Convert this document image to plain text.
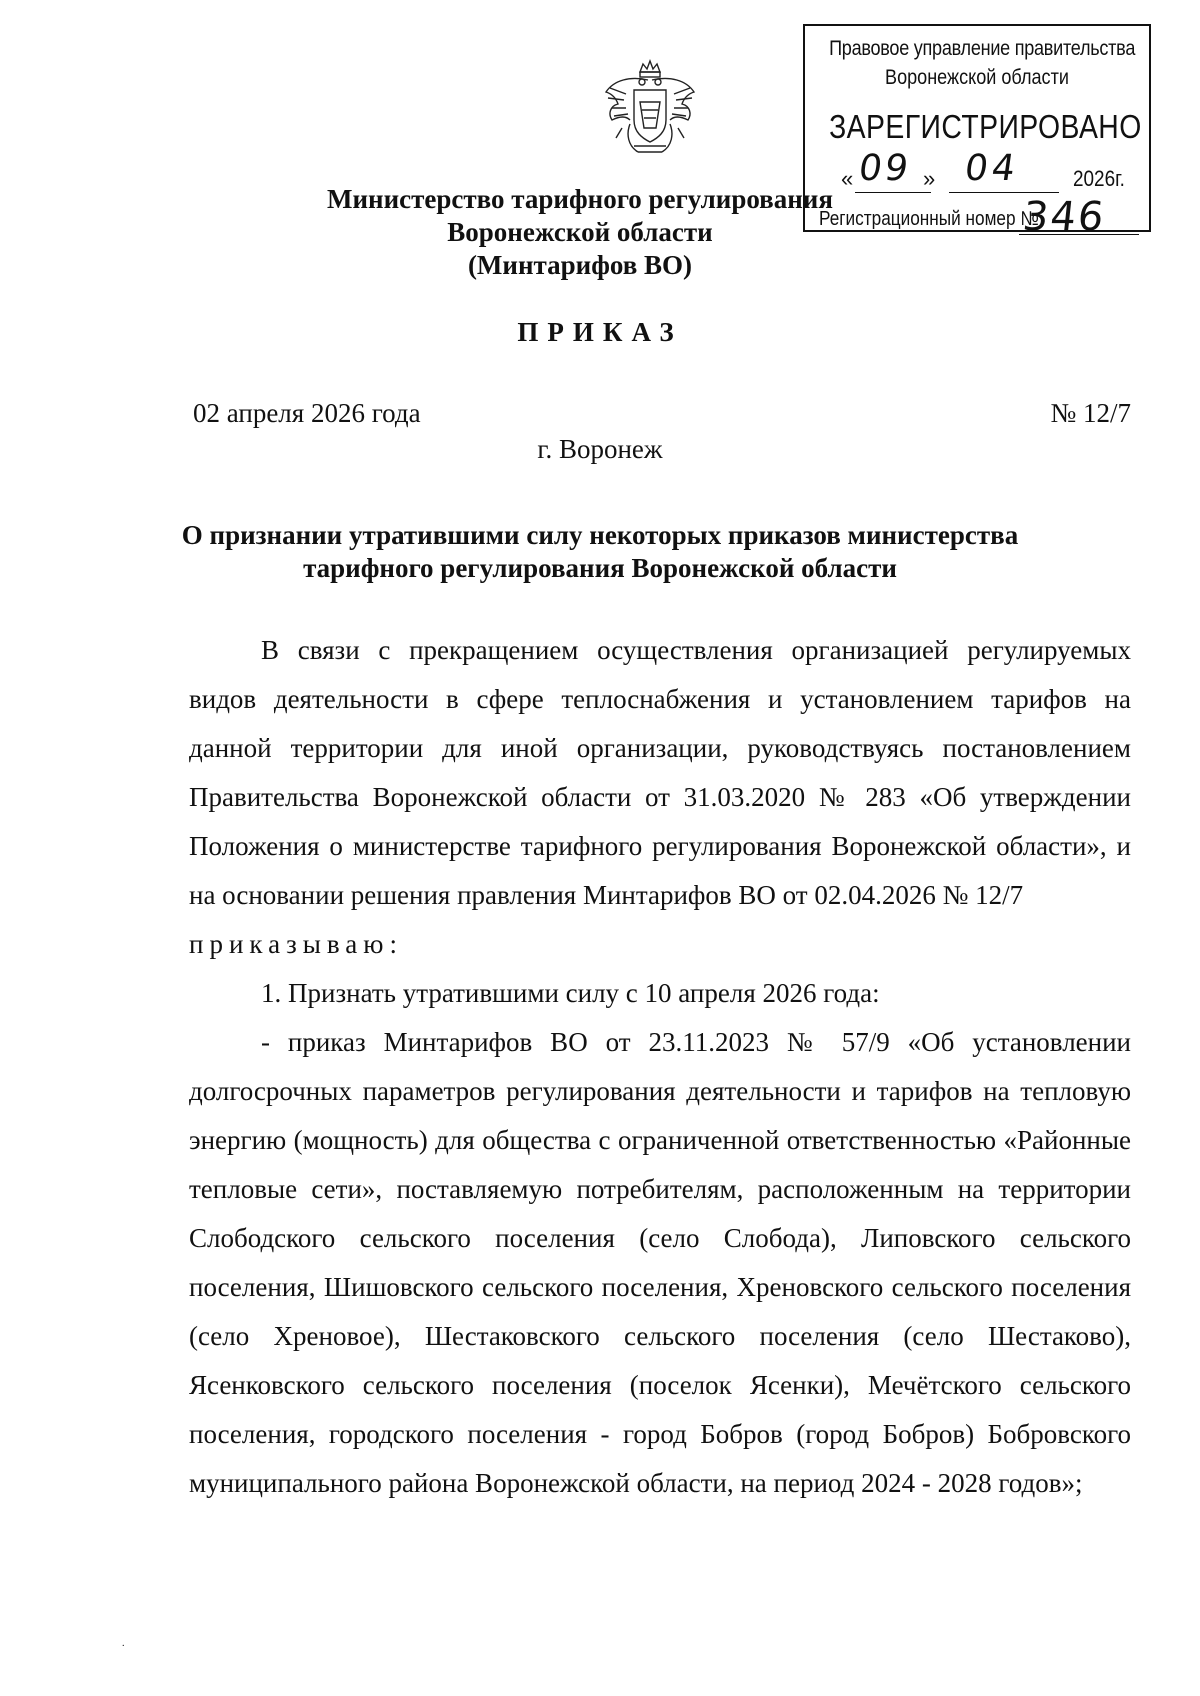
Правовое управление правительства
Воронежской области
ЗАРЕГИСТРИРОВАНО
« 09 » 04 2026г.
Регистрационный номер №
346
Министерство тарифного регулирования
Воронежской области
(Минтарифов ВО)
ПРИКАЗ
02 апреля 2026 года	№ 12/7
г. Воронеж
О признании утратившими силу некоторых приказов министерства
тарифного регулирования Воронежской области

В связи с прекращением осуществления организацией регулируемых видов деятельности в сфере теплоснабжения и установлением тарифов на данной территории для иной организации, руководствуясь постановлением Правительства Воронежской области от 31.03.2020 № 283 «Об утверждении Положения о министерстве тарифного регулирования Воронежской области», и на основании решения правления Минтарифов ВО от 02.04.2026 № 12/7

приказываю:

1. Признать утратившими силу с 10 апреля 2026 года:

- приказ Минтарифов ВО от 23.11.2023 № 57/9 «Об установлении долгосрочных параметров регулирования деятельности и тарифов на тепловую энергию (мощность) для общества с ограниченной ответственностью «Районные тепловые сети», поставляемую потребителям, расположенным на территории Слободского сельского поселения (село Слобода), Липовского сельского поселения, Шишовского сельского поселения, Хреновского сельского поселения (село Хреновое), Шестаковского сельского поселения (село Шестаково), Ясенковского сельского поселения (поселок Ясенки), Мечётского сельского поселения, городского поселения - город Бобров (город Бобров) Бобровского муниципального района Воронежской области, на период 2024 - 2028 годов»;

.
